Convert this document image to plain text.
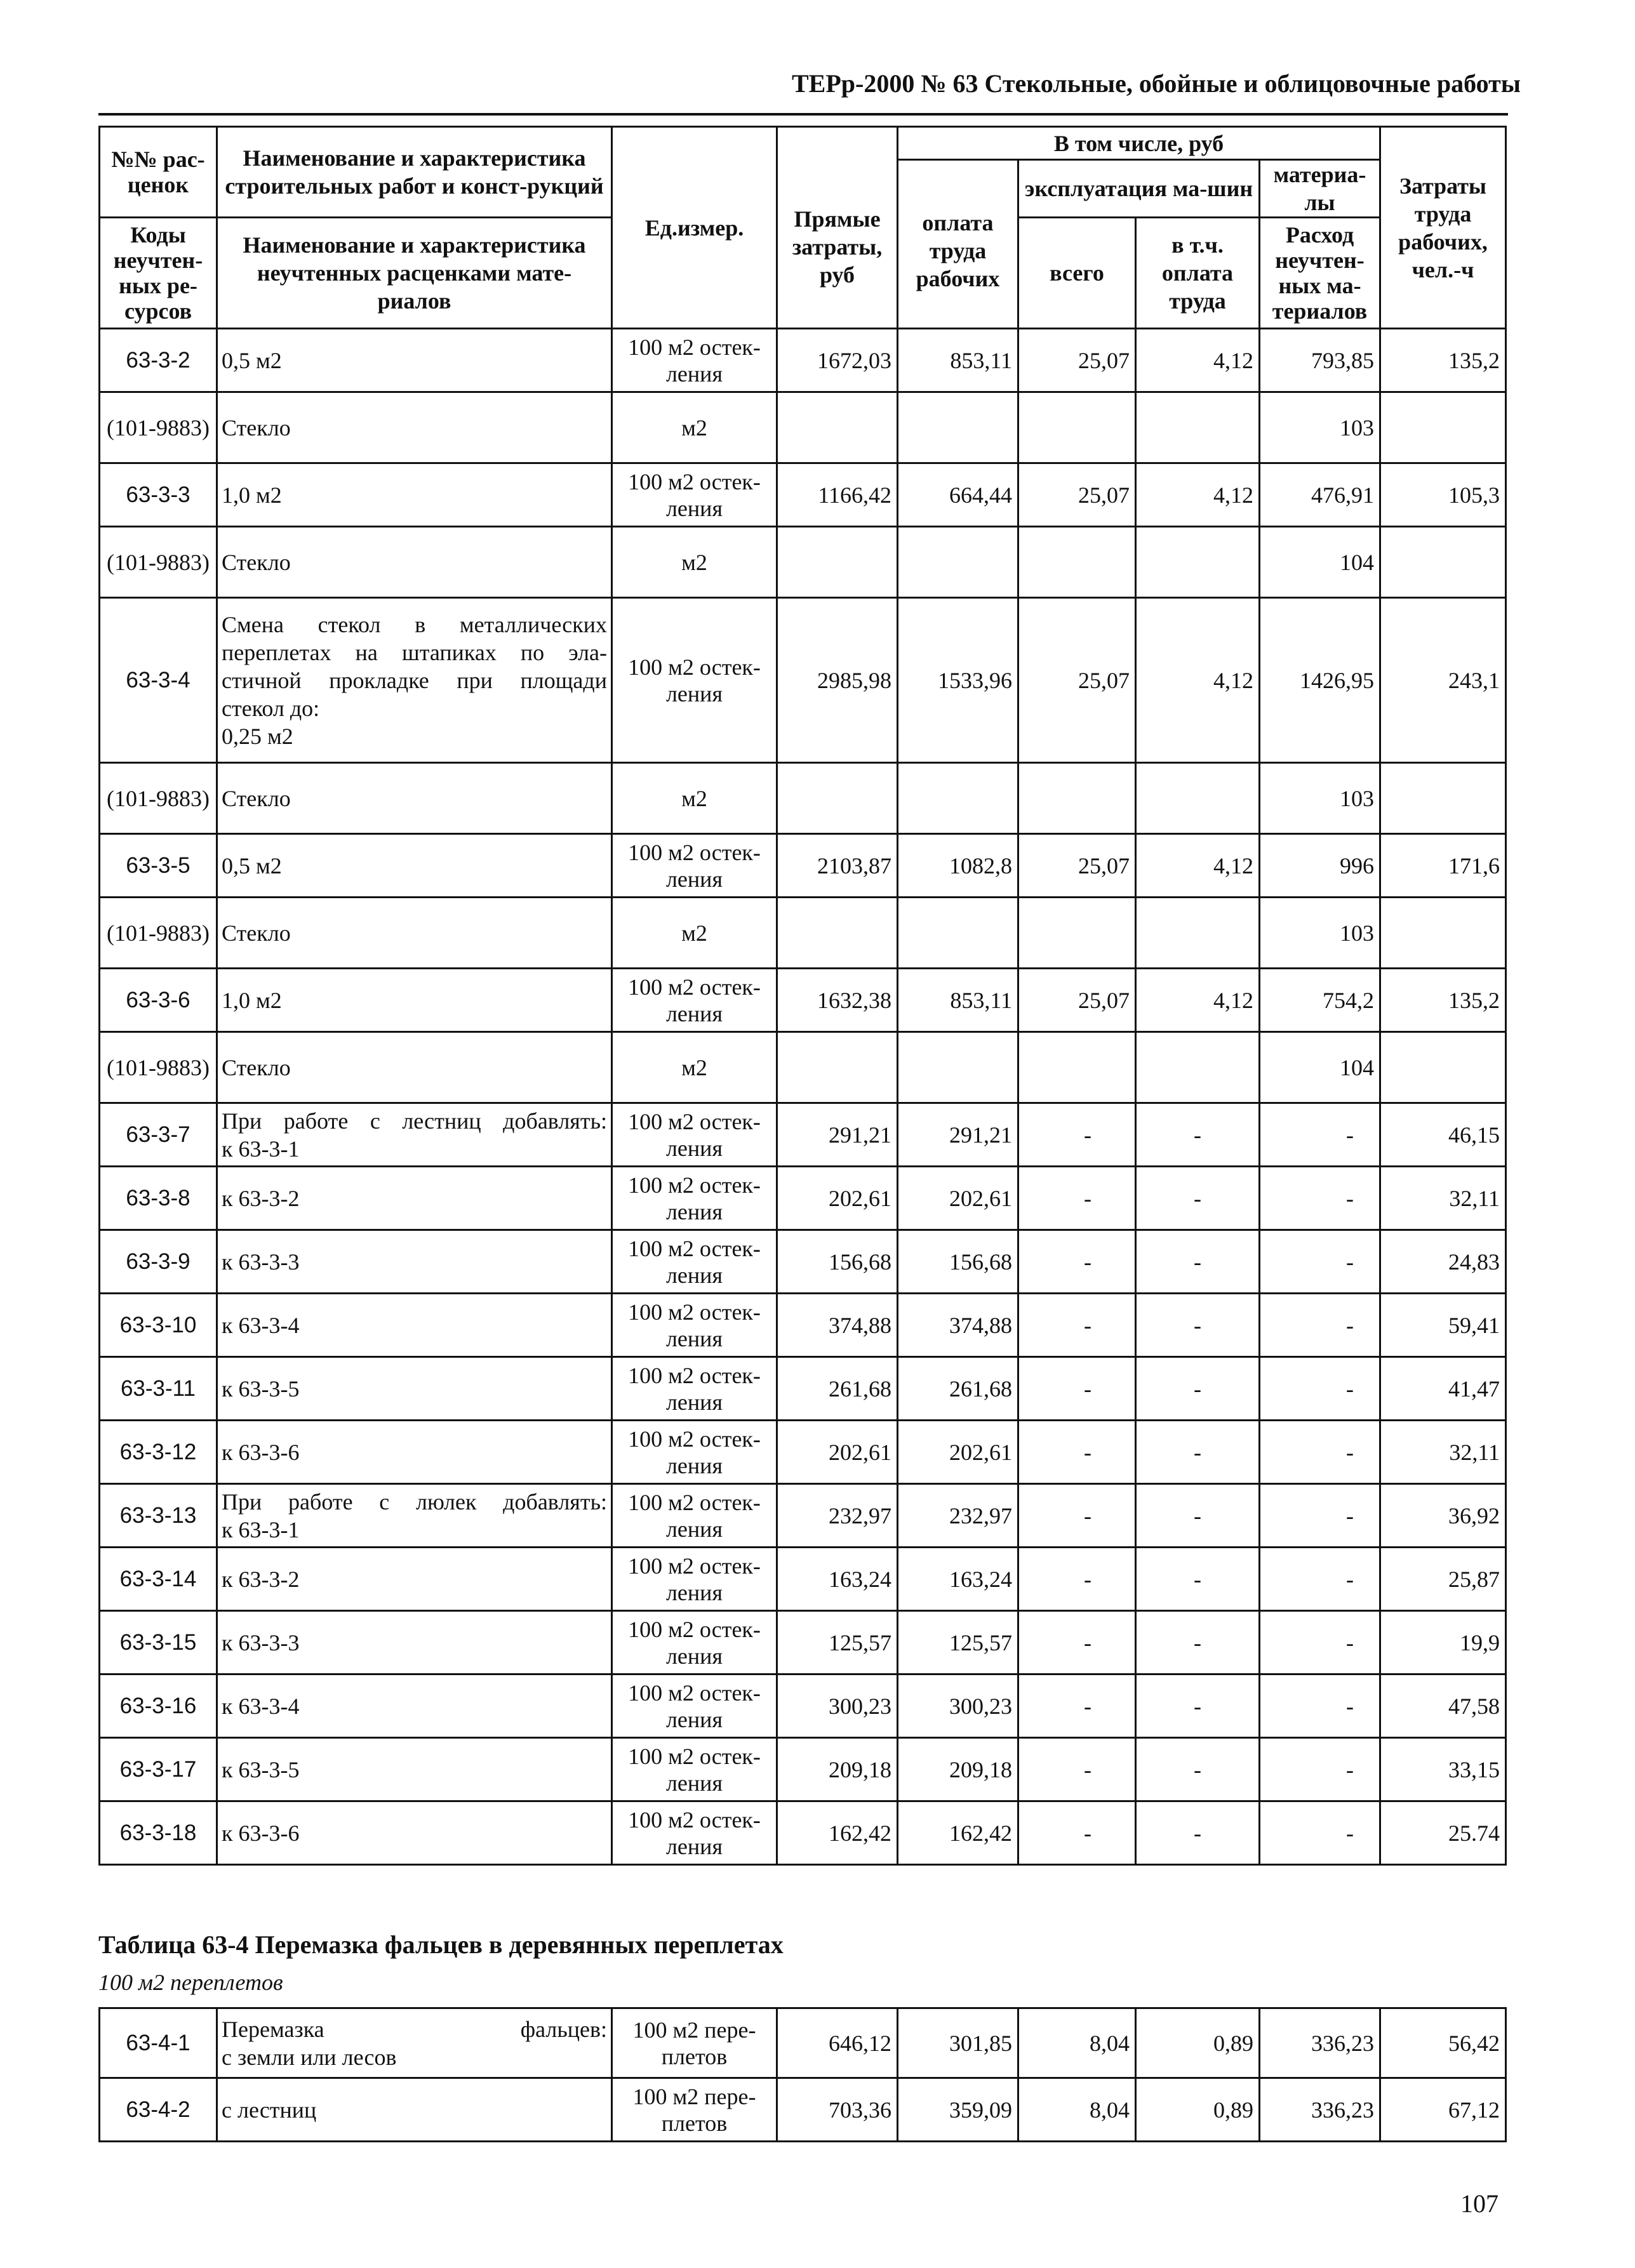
ТЕРр-2000 № 63 Стекольные, обойные и облицовочные работы
№№ рас-ценок	Наименование и характеристика строительных работ и конст-рукций	Ед.измер.	Прямые затраты, руб	В том числе, руб				Затраты труда рабочих, чел.-ч
				оплата труда рабочих	эксплуатация ма-шин		материа-лы	
Коды неучтен-ных ре-сурсов	Наименование и характеристика неучтенных расценками мате-риалов				всего	в т.ч. оплата труда	Расход неучтен-ных ма-териалов	

63-3-2	0,5 м2	100 м2 остек-ления	1672,03	853,11	25,07	4,12	793,85	135,2
(101-9883)	Стекло	м2					103	
63-3-3	1,0 м2	100 м2 остек-ления	1166,42	664,44	25,07	4,12	476,91	105,3
(101-9883)	Стекло	м2					104	
63-3-4	Смена стекол в металлических
переплетах на штапиках по эла-
стичной прокладке при площади
стекол до:
0,25 м2	100 м2 остек-ления	2985,98	1533,96	25,07	4,12	1426,95	243,1
(101-9883)	Стекло	м2					103	
63-3-5	0,5 м2	100 м2 остек-ления	2103,87	1082,8	25,07	4,12	996	171,6
(101-9883)	Стекло	м2					103	
63-3-6	1,0 м2	100 м2 остек-ления	1632,38	853,11	25,07	4,12	754,2	135,2
(101-9883)	Стекло	м2					104	
63-3-7	При работе с лестниц добавлять:
к 63-3-1	100 м2 остек-ления	291,21	291,21	-	-	-	46,15
63-3-8	к 63-3-2	100 м2 остек-ления	202,61	202,61	-	-	-	32,11
63-3-9	к 63-3-3	100 м2 остек-ления	156,68	156,68	-	-	-	24,83
63-3-10	к 63-3-4	100 м2 остек-ления	374,88	374,88	-	-	-	59,41
63-3-11	к 63-3-5	100 м2 остек-ления	261,68	261,68	-	-	-	41,47
63-3-12	к 63-3-6	100 м2 остек-ления	202,61	202,61	-	-	-	32,11
63-3-13	При работе с люлек добавлять:
к 63-3-1	100 м2 остек-ления	232,97	232,97	-	-	-	36,92
63-3-14	к 63-3-2	100 м2 остек-ления	163,24	163,24	-	-	-	25,87
63-3-15	к 63-3-3	100 м2 остек-ления	125,57	125,57	-	-	-	19,9
63-3-16	к 63-3-4	100 м2 остек-ления	300,23	300,23	-	-	-	47,58
63-3-17	к 63-3-5	100 м2 остек-ления	209,18	209,18	-	-	-	33,15
63-3-18	к 63-3-6	100 м2 остек-ления	162,42	162,42	-	-	-	25.74
Таблица 63-4 Перемазка фальцев в деревянных переплетах
100 м2 переплетов
63-4-1	Перемазка фальцев:
с земли или лесов	100 м2 пере-плетов	646,12	301,85	8,04	0,89	336,23	56,42
63-4-2	с лестниц	100 м2 пере-плетов	703,36	359,09	8,04	0,89	336,23	67,12
107
